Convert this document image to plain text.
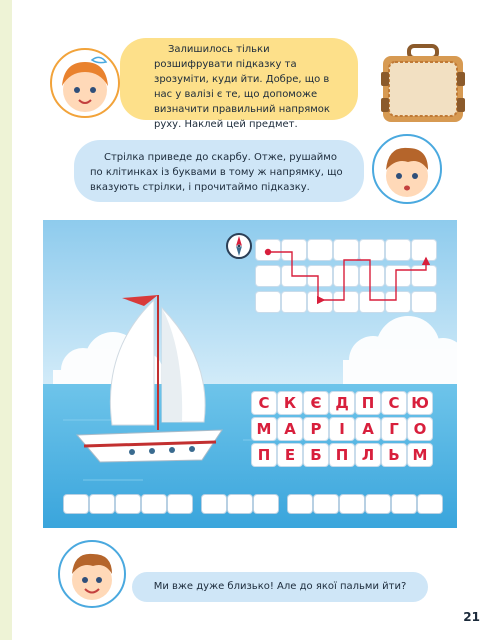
Залишилось тільки розшифрувати підказку та зрозуміти, куди йти. Добре, що в нас у валізі є те, що допоможе визначити правильний напрямок руху. Наклей цей предмет.
Стрілка приведе до скарбу. Отже, рушаймо по клітинках із буквами в тому ж напрямку, що вказують стрілки, і прочитаймо підказку.
С К Є Д П С Ю
М А Р	І	А	Г О
П Е	Б П Л Ь М
Ми вже дуже близько! Але до якої пальми йти?
21
